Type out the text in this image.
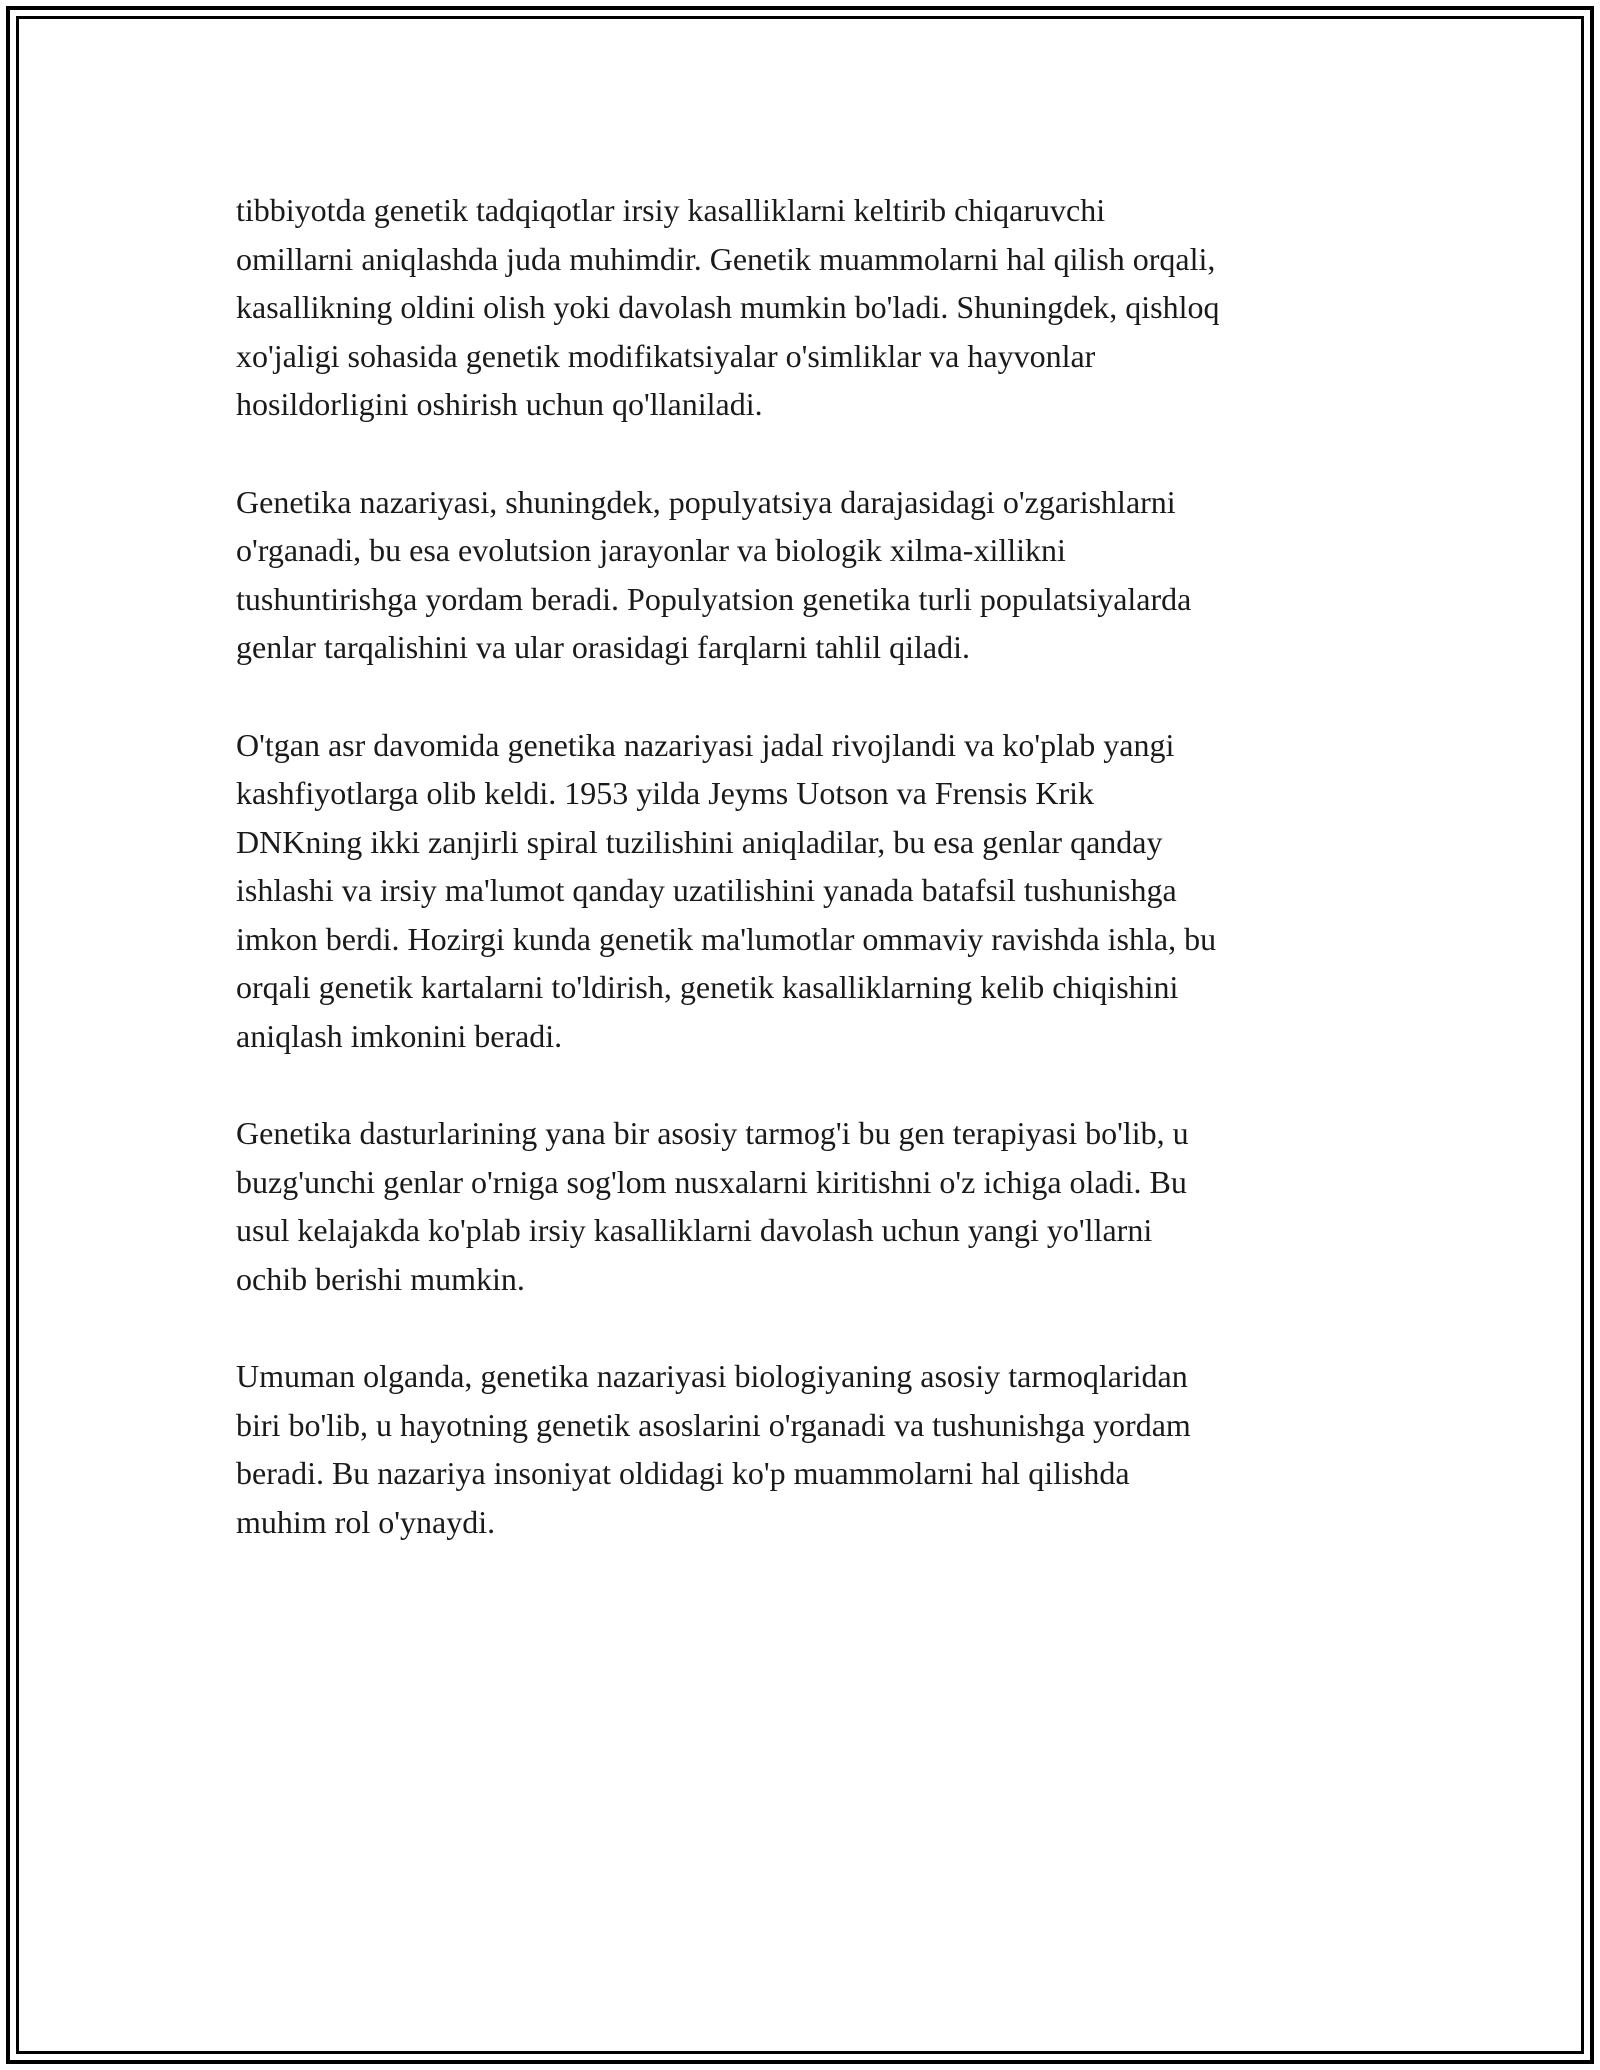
tibbiyotda genetik tadqiqotlar irsiy kasalliklarni keltirib chiqaruvchi
omillarni aniqlashda juda muhimdir. Genetik muammolarni hal qilish orqali,
kasallikning oldini olish yoki davolash mumkin bo'ladi. Shuningdek, qishloq
xo'jaligi sohasida genetik modifikatsiyalar o'simliklar va hayvonlar
hosildorligini oshirish uchun qo'llaniladi.

Genetika nazariyasi, shuningdek, populyatsiya darajasidagi o'zgarishlarni
o'rganadi, bu esa evolutsion jarayonlar va biologik xilma-xillikni
tushuntirishga yordam beradi. Populyatsion genetika turli populatsiyalarda
genlar tarqalishini va ular orasidagi farqlarni tahlil qiladi.

O'tgan asr davomida genetika nazariyasi jadal rivojlandi va ko'plab yangi
kashfiyotlarga olib keldi. 1953 yilda Jeyms Uotson va Frensis Krik
DNKning ikki zanjirli spiral tuzilishini aniqladilar, bu esa genlar qanday
ishlashi va irsiy ma'lumot qanday uzatilishini yanada batafsil tushunishga
imkon berdi. Hozirgi kunda genetik ma'lumotlar ommaviy ravishda ishla, bu
orqali genetik kartalarni to'ldirish, genetik kasalliklarning kelib chiqishini
aniqlash imkonini beradi.

Genetika dasturlarining yana bir asosiy tarmog'i bu gen terapiyasi bo'lib, u
buzg'unchi genlar o'rniga sog'lom nusxalarni kiritishni o'z ichiga oladi. Bu
usul kelajakda ko'plab irsiy kasalliklarni davolash uchun yangi yo'llarni
ochib berishi mumkin.

Umuman olganda, genetika nazariyasi biologiyaning asosiy tarmoqlaridan
biri bo'lib, u hayotning genetik asoslarini o'rganadi va tushunishga yordam
beradi. Bu nazariya insoniyat oldidagi ko'p muammolarni hal qilishda
muhim rol o'ynaydi.
